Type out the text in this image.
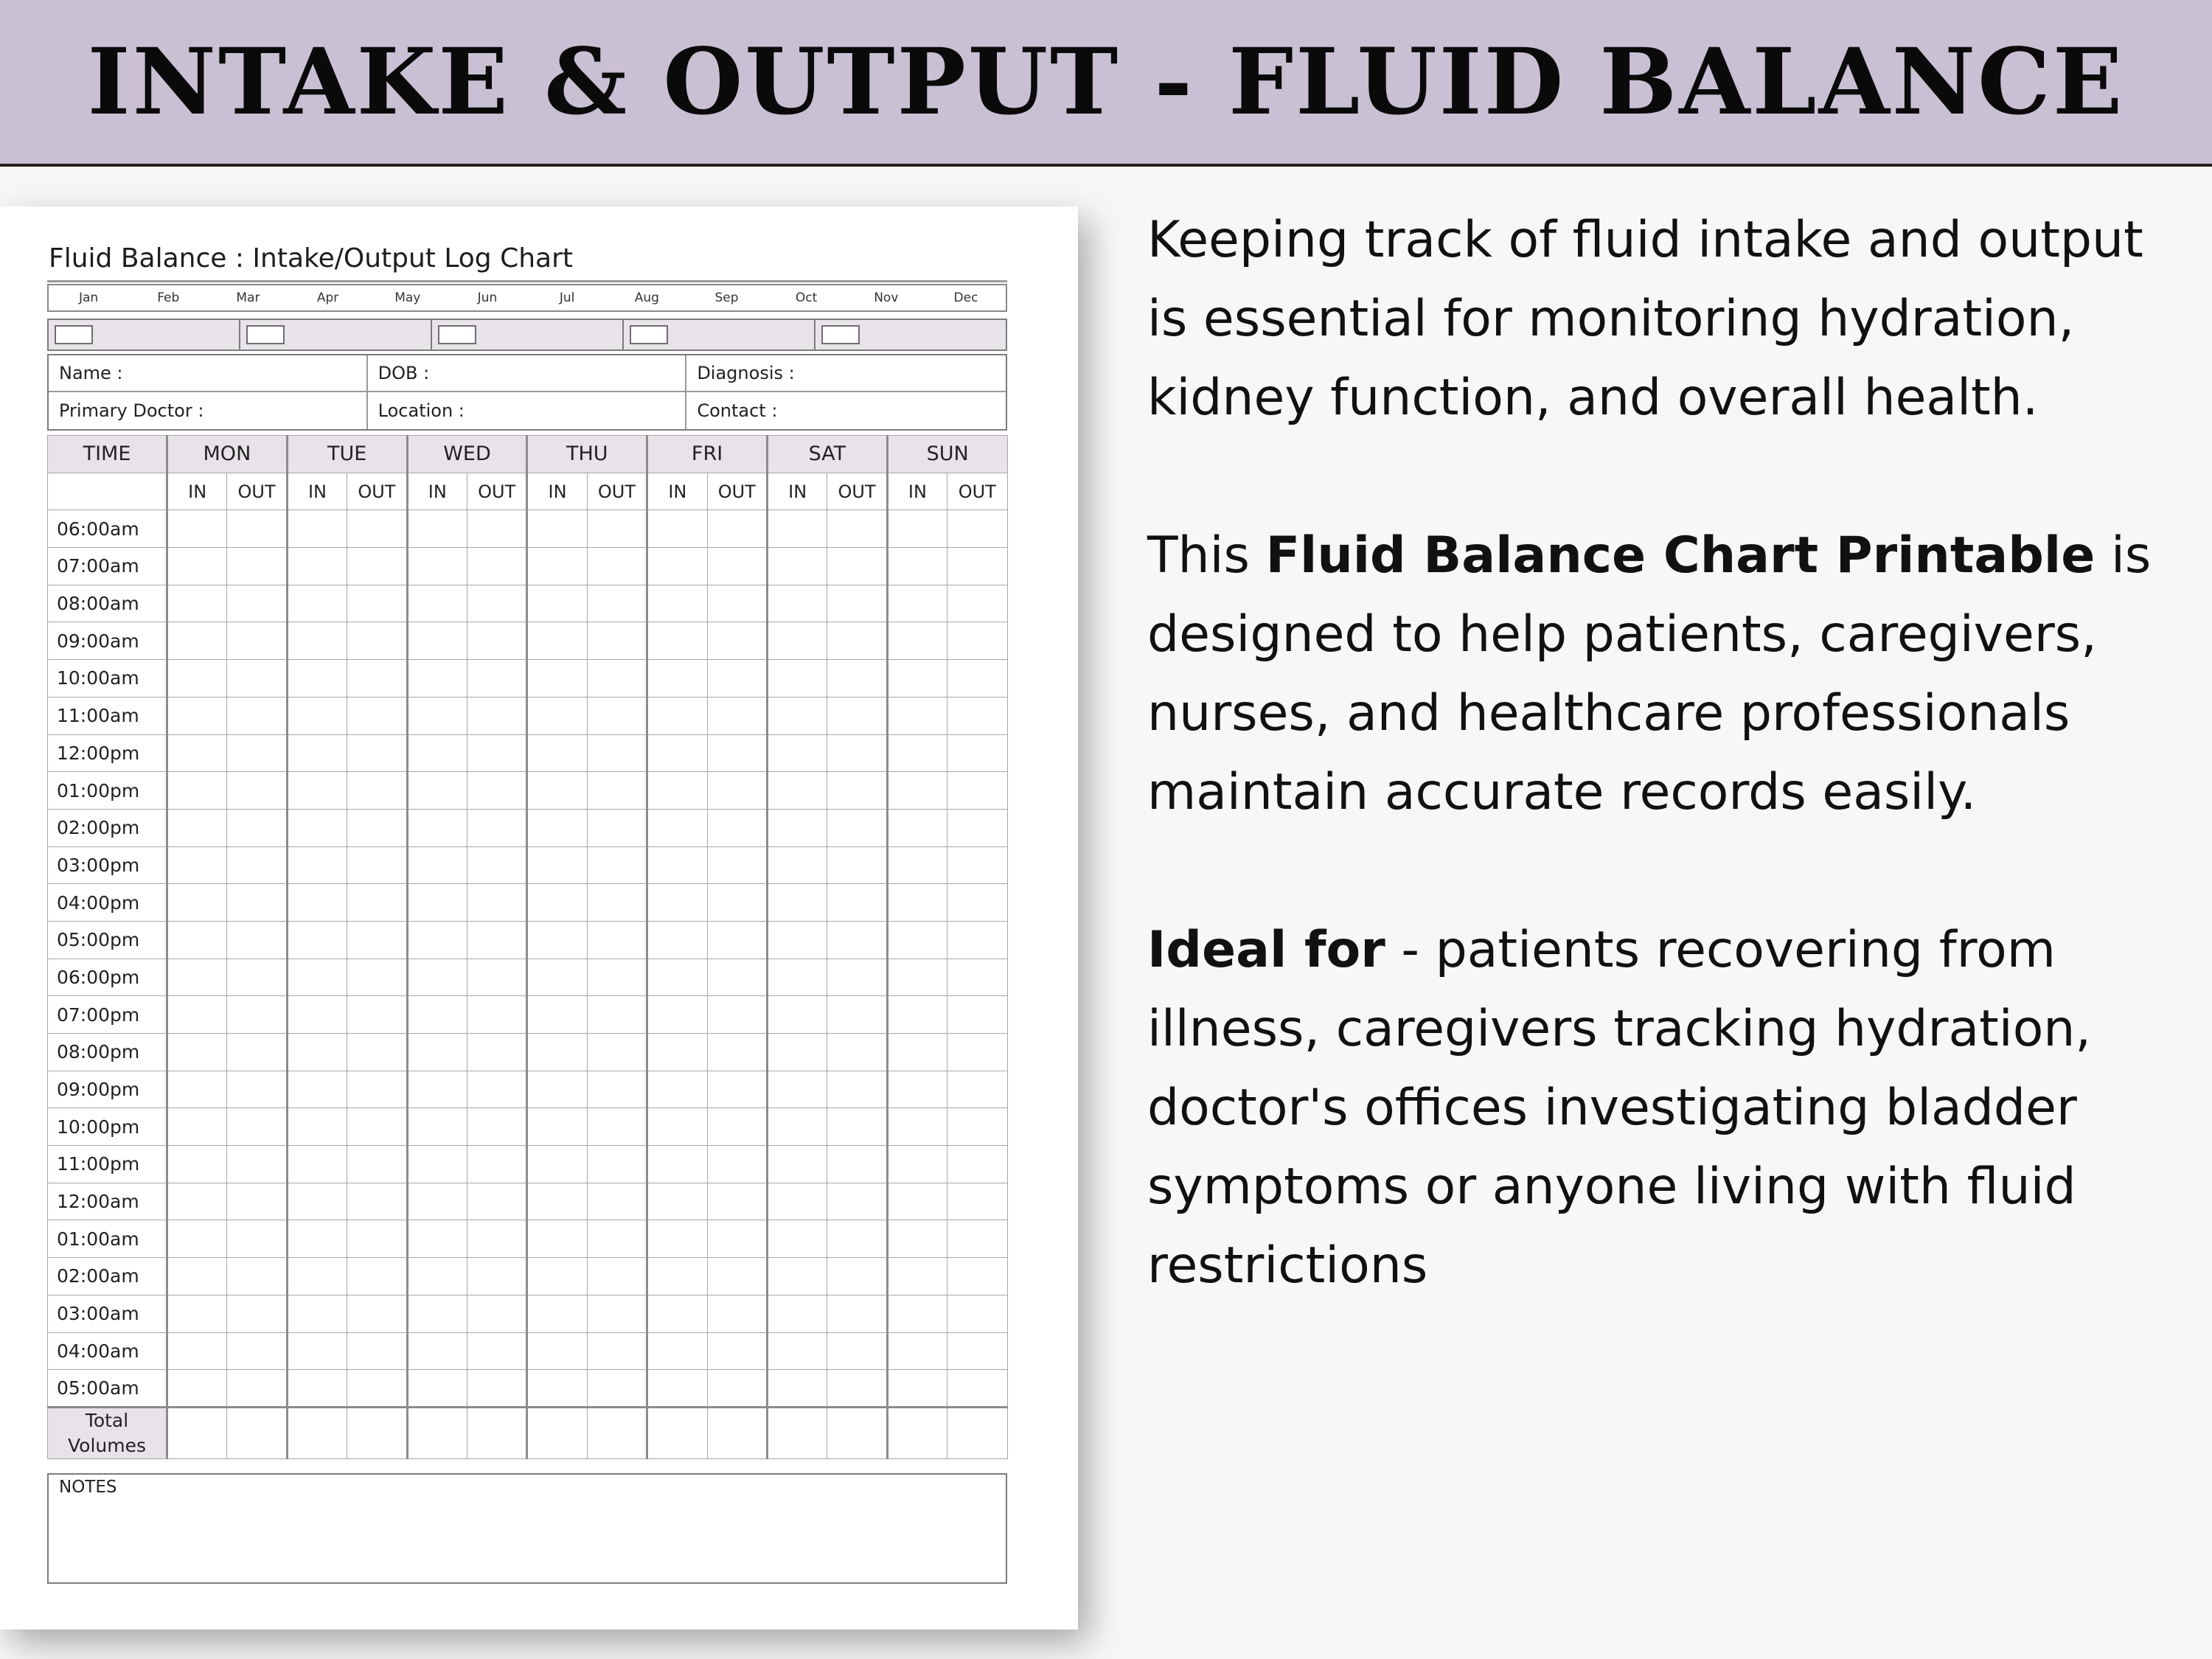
INTAKE & OUTPUT - FLUID BALANCE
Fluid Balance : Intake/Output Log Chart
Jan	Feb	Mar	Apr	May	Jun	Jul	Aug	Sep	Oct	Nov	Dec
Name :	DOB :	Diagnosis :
Primary Doctor :	Location :	Contact :
TIME	MON		TUE		WED		THU		FRI		SAT		SUN	
	IN	OUT	IN	OUT	IN	OUT	IN	OUT	IN	OUT	IN	OUT	IN	OUT
06:00am														
07:00am														
08:00am														
09:00am														
10:00am														
11:00am														
12:00pm														
01:00pm														
02:00pm														
03:00pm														
04:00pm														
05:00pm														
06:00pm														
07:00pm														
08:00pm														
09:00pm														
10:00pm														
11:00pm														
12:00am														
01:00am														
02:00am														
03:00am														
04:00am														
05:00am														

Total
Volumes														

NOTES

Keeping track of fluid intake and output is essential for monitoring hydration, kidney function, and overall health.

This Fluid Balance Chart Printable is designed to help patients, caregivers, nurses, and healthcare professionals maintain accurate records easily.

Ideal for - patients recovering from illness, caregivers tracking hydration, doctor's offices investigating bladder symptoms or anyone living with fluid restrictions
